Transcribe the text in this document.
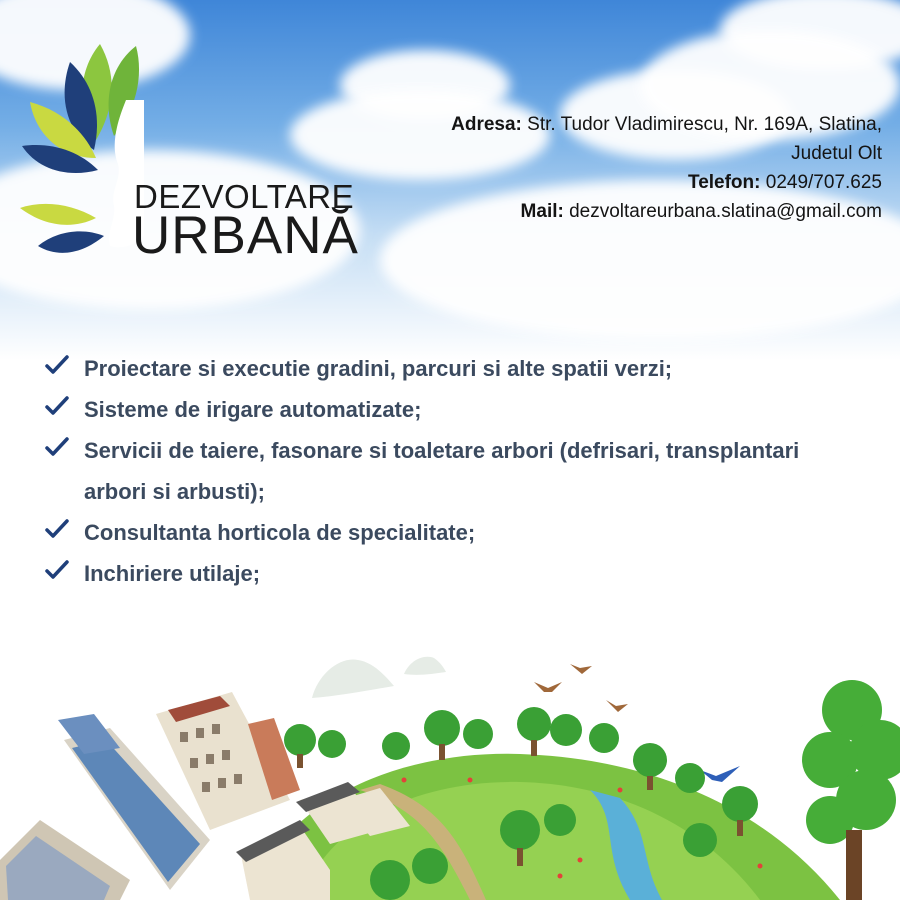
DEZVOLTARE
URBANĂ
Adresa: Str. Tudor Vladimirescu, Nr. 169A, Slatina,
Judetul Olt
Telefon: 0249/707.625
Mail: dezvoltareurbana.slatina@gmail.com
Proiectare si executie gradini, parcuri si alte spatii verzi;
Sisteme de irigare automatizate;
Servicii de taiere, fasonare si toaletare arbori (defrisari, transplantari
arbori si arbusti);
Consultanta horticola de specialitate;
Inchiriere utilaje;
